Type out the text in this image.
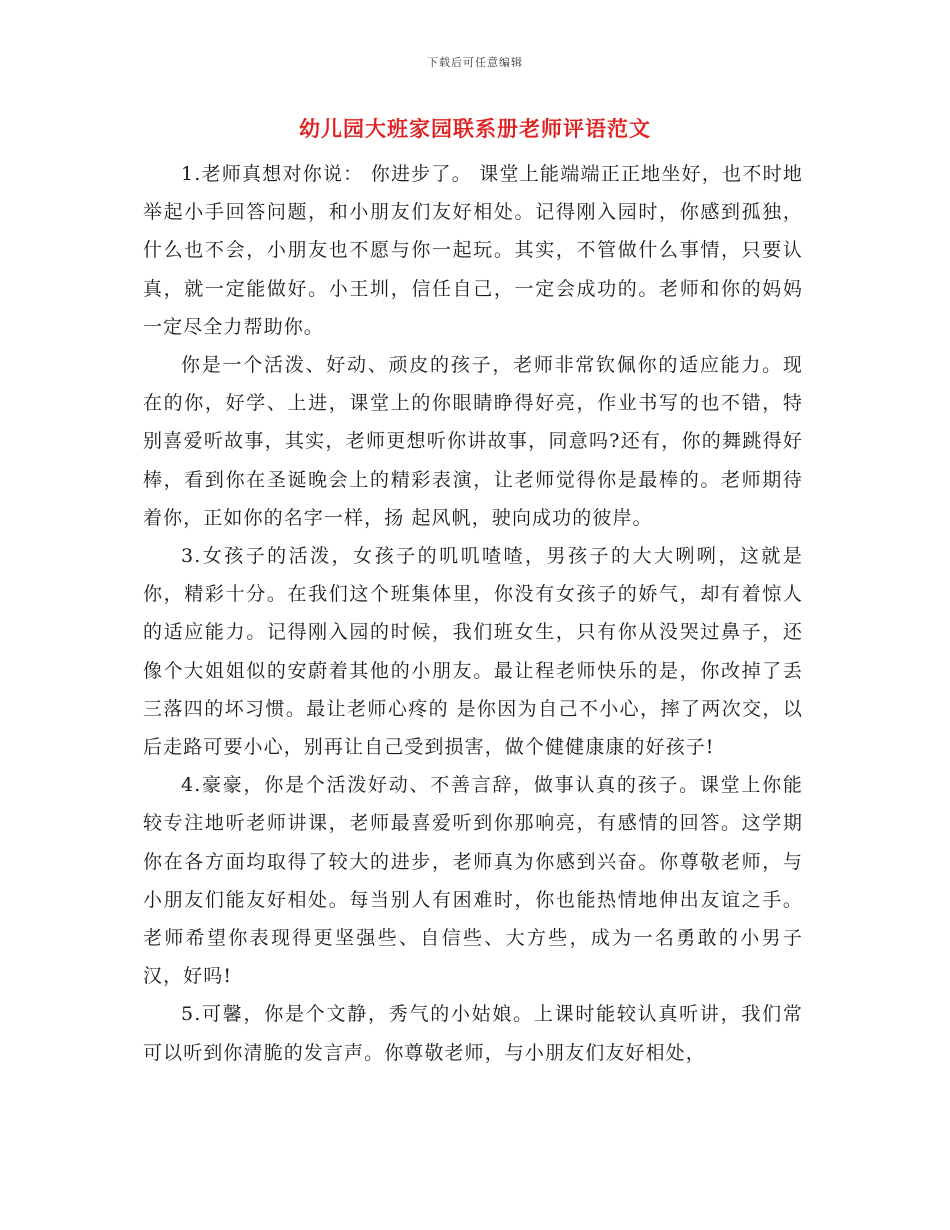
下载后可任意编辑
幼儿园大班家园联系册老师评语范文

1.老师真想对你说： 你进步了。 课堂上能端端正正地坐好，也不时地举起小手回答问题，和小朋友们友好相处。记得刚入园时，你感到孤独，什么也不会，小朋友也不愿与你一起玩。其实，不管做什么事情，只要认真，就一定能做好。小王圳，信任自己，一定会成功的。老师和你的妈妈一定尽全力帮助你。

你是一个活泼、好动、顽皮的孩子，老师非常钦佩你的适应能力。现在的你，好学、上进，课堂上的你眼睛睁得好亮，作业书写的也不错，特别喜爱听故事，其实，老师更想听你讲故事，同意吗?还有，你的舞跳得好棒，看到你在圣诞晚会上的精彩表演，让老师觉得你是最棒的。老师期待着你，正如你的名字一样，扬 起风帆，驶向成功的彼岸。

3.女孩子的活泼，女孩子的叽叽喳喳，男孩子的大大咧咧，这就是你，精彩十分。在我们这个班集体里，你没有女孩子的娇气，却有着惊人的适应能力。记得刚入园的时候，我们班女生，只有你从没哭过鼻子，还像个大姐姐似的安蔚着其他的小朋友。最让程老师快乐的是，你改掉了丢三落四的坏习惯。最让老师心疼的 是你因为自己不小心，摔了两次交，以后走路可要小心，别再让自己受到损害，做个健健康康的好孩子!

4.豪豪，你是个活泼好动、不善言辞，做事认真的孩子。课堂上你能较专注地听老师讲课，老师最喜爱听到你那响亮，有感情的回答。这学期你在各方面均取得了较大的进步，老师真为你感到兴奋。你尊敬老师，与小朋友们能友好相处。每当别人有困难时，你也能热情地伸出友谊之手。老师希望你表现得更坚强些、自信些、大方些，成为一名勇敢的小男子汉，好吗!

5.可馨，你是个文静，秀气的小姑娘。上课时能较认真听讲，我们常可以听到你清脆的发言声。你尊敬老师，与小朋友们友好相处，
